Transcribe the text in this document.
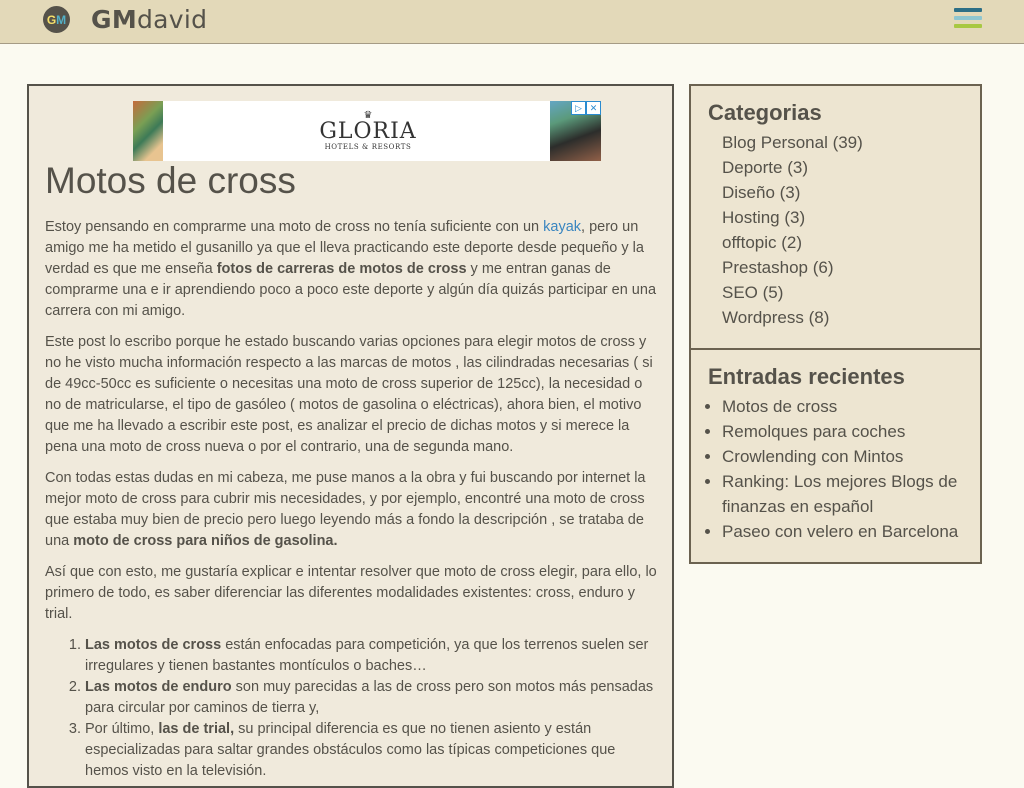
G M GMdavid
♛
GLORIA
HOTELS & RESORTS
▷ ✕
Motos de cross

Estoy pensando en comprarme una moto de cross no tenía suficiente con un kayak, pero un amigo me ha metido el gusanillo ya que el lleva practicando este deporte desde pequeño y la verdad es que me enseña fotos de carreras de motos de cross y me entran ganas de comprarme una e ir aprendiendo poco a poco este deporte y algún día quizás participar en una carrera con mi amigo.

Este post lo escribo porque he estado buscando varias opciones para elegir motos de cross y no he visto mucha información respecto a las marcas de motos , las cilindradas necesarias ( si de 49cc-50cc es suficiente o necesitas una moto de cross superior de 125cc), la necesidad o no de matricularse, el tipo de gasóleo ( motos de gasolina o eléctricas), ahora bien, el motivo que me ha llevado a escribir este post, es analizar el precio de dichas motos y si merece la pena una moto de cross nueva o por el contrario, una de segunda mano.

Con todas estas dudas en mi cabeza, me puse manos a la obra y fui buscando por internet la mejor moto de cross para cubrir mis necesidades, y por ejemplo, encontré una moto de cross que estaba muy bien de precio pero luego leyendo más a fondo la descripción , se trataba de una moto de cross para niños de gasolina.

Así que con esto, me gustaría explicar e intentar resolver que moto de cross elegir, para ello, lo primero de todo, es saber diferenciar las diferentes modalidades existentes: cross, enduro y trial.

1. Las motos de cross están enfocadas para competición, ya que los terrenos suelen ser irregulares y tienen bastantes montículos o baches…
2. Las motos de enduro son muy parecidas a las de cross pero son motos más pensadas para circular por caminos de tierra y,
3. Por último, las de trial, su principal diferencia es que no tienen asiento y están especializadas para saltar grandes obstáculos como las típicas competiciones que hemos visto en la televisión.
Categorias
Blog Personal (39)
Deporte (3)
Diseño (3)
Hosting (3)
offtopic (2)
Prestashop (6)
SEO (5)
Wordpress (8)
Entradas recientes
• Motos de cross
• Remolques para coches
• Crowlending con Mintos
• Ranking: Los mejores Blogs de finanzas en español
• Paseo con velero en Barcelona
